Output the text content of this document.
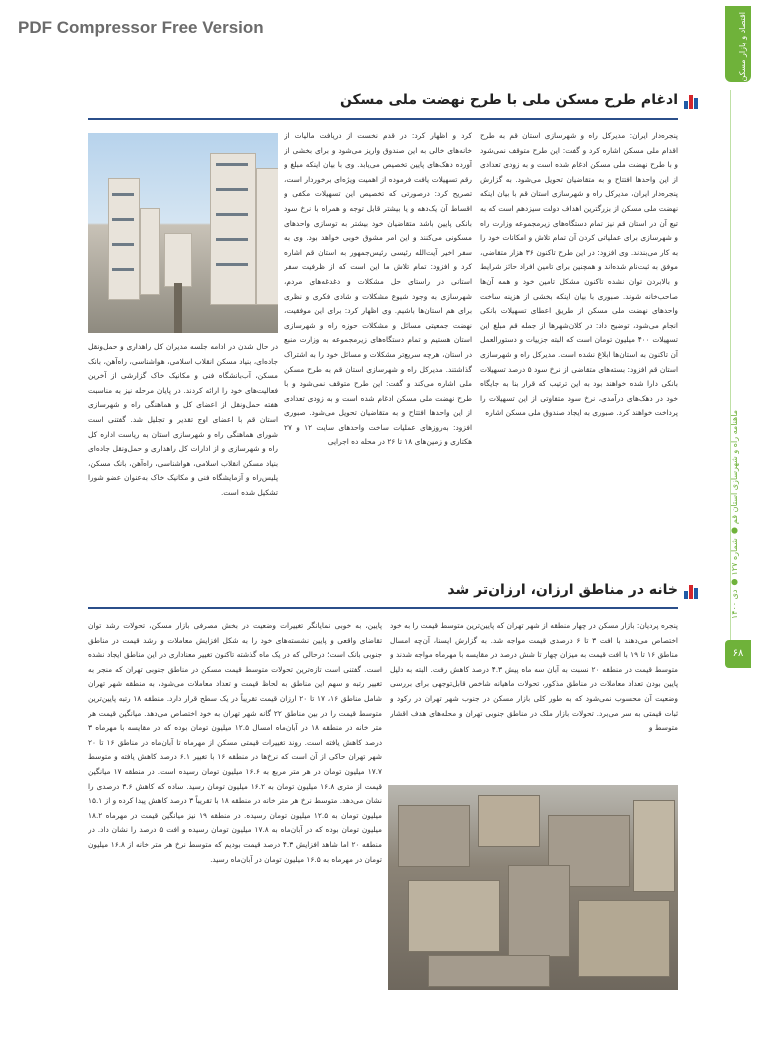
PDF Compressor Free Version	اقتصاد و بازار مسکن
ماهنامه راه و شهرسازی استان قم ● شماره ۱۲۷ ● دی ۱۴۰۰
۶۸
ادغام طرح مسکن ملی با طرح نهضت ملی مسکن

پنجره‌دار ایران: مدیرکل راه و شهرسازی استان قم به طرح اقدام ملی مسکن اشاره کرد و گفت: این طرح متوقف نمی‌شود و با طرح نهضت ملی مسکن ادغام شده است و به زودی تعدادی از این واحدها افتتاح و به متقاضیان تحویل می‌شود. به گزارش پنجره‌دار ایران، مدیرکل راه و شهرسازی استان قم با بیان اینکه نهضت ملی مسکن از بزرگترین اهداف دولت سیزدهم است که به تبع آن در استان قم نیز تمام دستگاه‌های زیرمجموعه وزارت راه و شهرسازی برای عملیاتی کردن آن تمام تلاش و امکانات خود را به کار می‌بندند. وی افزود: در این طرح تاکنون ۳۶ هزار متقاضی، موفق به ثبت‌نام شده‌اند و همچنین برای تامین افراد حائز شرایط و بالابردن توان نشده تاکنون مشکل تامین خود و همه آن‌ها صاحب‌خانه شوند. صبوری با بیان اینکه بخشی از هزینه ساخت واحدهای نهضت ملی مسکن از طریق اعطای تسهیلات بانکی انجام می‌شود، توضیح داد: در کلان‌شهرها از جمله قم مبلغ این تسهیلات ۴۰۰ میلیون تومان است که البته جزییات و دستورالعمل آن تاکنون به استان‌ها ابلاغ نشده است. مدیرکل راه و شهرسازی استان قم افزود: بسته‌های متقاضی از نرخ سود ۵ درصد تسهیلات بانکی دارا شده خواهند بود به این ترتیب که قرار بنا به جایگاه خود در دهک‌های درآمدی، نرخ سود متفاوتی از این تسهیلات را پرداخت خواهند کرد. صبوری به ایجاد صندوق ملی مسکن اشاره

کرد و اظهار کرد: در قدم نخست از دریافت مالیات از خانه‌های خالی به این صندوق واریز می‌شود و برای بخشی از آورده دهک‌های پایین تخصیص می‌یابد. وی با بیان اینکه مبلغ و رقم تسهیلات یافت فرموده از اهمیت ویژه‌ای برخوردار است، تصریح کرد: درصورتی که تخصیص این تسهیلات مکفی و اقساط آن یک‌دهه و یا بیشتر قابل توجه و همراه با نرخ سود بانکی پایین باشد متقاضیان خود بیشتر به توسازی واحدهای مسکونی می‌کنند و این امر مشوق خوبی خواهد بود. وی به سفر اخیر آیت‌الله رئیسی رئیس‌جمهور به استان قم اشاره کرد و افزود: تمام تلاش ما این است که از ظرفیت سفر استانی در راستای حل مشکلات و دغدغه‌های مردم، شهرسازی به وجود شیوع مشکلات و شادی فکری و نظری برای هم استان‌ها باشیم. وی اظهار کرد: برای این موفقیت، نهضت جمعیتی مسائل و مشکلات حوزه راه و شهرسازی استان هستیم و تمام دستگاه‌های زیرمجموعه به وزارت منبع در استان، هرچه سریع‌تر مشکلات و مسائل خود را به اشتراک گذاشتند. مدیرکل راه و شهرسازی استان قم به طرح مسکن ملی اشاره می‌کند و گفت: این طرح متوقف نمی‌شود و با طرح نهضت ملی مسکن ادغام شده است و به زودی تعدادی از این واحدها افتتاح و به متقاضیان تحویل می‌شود. صبوری افزود: به‌روزهای عملیات ساخت واحدهای سایت ۱۲ و ۲۷ هکتاری و زمین‌های ۱۸ تا ۲۶ در محله ده اجرایی

در حال شدن در ادامه جلسه مدیران کل راهداری و حمل‌ونقل جاده‌ای، بنیاد مسکن انقلاب اسلامی، هواشناسی، راه‌آهن، بانک مسکن، آب‌بانشگاه فنی و مکانیک خاک گزارشی از آخرین فعالیت‌های خود را ارائه کردند. در پایان مرحله نیز به مناسبت هفته حمل‌ونقل از اعضای کل و هماهنگی راه و شهرسازی استان قم با اعضای اوج تقدیر و تجلیل شد. گفتنی است شورای هماهنگی راه و شهرسازی استان به ریاست اداره کل راه و شهرسازی و از ادارات کل راهداری و حمل‌ونقل جاده‌ای بنیاد مسکن انقلاب اسلامی، هواشناسی، راه‌آهن، بانک مسکن، پلیس‌راه و آزمایشگاه فنی و مکانیک خاک به‌عنوان عضو شورا تشکیل شده است.

خانه در مناطق ارزان، ارزان‌تر شد

پنجره پردیان: بازار مسکن در چهار منطقه از شهر تهران که پایین‌ترین متوسط قیمت را به خود اختصاص می‌دهند با افت ۳ تا ۶ درصدی قیمت مواجه شد. به گزارش ایسنا، آن‌چه امسال مناطق ۱۶ تا ۱۹ با افت قیمت به میزان چهار تا شش درصد در مقایسه با مهرماه مواجه شدند و متوسط قیمت در منطقه ۲۰ نسبت به آبان سه ماه پیش ۴.۳ درصد کاهش رفت. البته به دلیل پایین بودن تعداد معاملات در مناطق مذکور، تحولات ماهیانه شاخص قابل‌توجهی برای بررسی وضعیت آن محسوب نمی‌شود که به طور کلی بازار مسکن در جنوب شهر تهران در رکود و ثبات قیمتی به سر می‌برد. تحولات بازار ملک در مناطق جنوبی تهران و محله‌های هدف اقشار متوسط و

پایین، به خوبی نمایانگر تغییرات وضعیت در بخش مصرفی بازار مسکن، تحولات رشد توان تقاضای واقعی و پایین نشسته‌های خود را به شکل افزایش معاملات و رشد قیمت در مناطق جنوبی بانک است؛ درحالی که در یک ماه گذشته تاکنون تغییر معناداری در این مناطق ایجاد نشده است. گفتنی است تازه‌ترین تحولات متوسط قیمت مسکن در مناطق جنوبی تهران که منجر به تغییر رتبه و سهم این مناطق به لحاظ قیمت و تعداد معاملات می‌شود، به منطقه شهر تهران شامل مناطق ۱۶، ۱۷ تا ۲۰ ارزان قیمت تقریباً در یک سطح قرار دارد. منطقه ۱۸ رتبه پایین‌ترین متوسط قیمت را در بین مناطق ۲۲ گانه شهر تهران به خود اختصاص می‌دهد. میانگین قیمت هر متر خانه در منطقه ۱۸ در آبان‌ماه امسال ۱۲.۵ میلیون تومان بوده که در مقایسه با مهرماه ۳ درصد کاهش یافته است. روند تغییرات قیمتی مسکن از مهرماه تا آبان‌ماه در مناطق ۱۶ تا ۲۰ شهر تهران حاکی از آن است که نرخ‌ها در منطقه ۱۶ با تغییر ۶.۱ درصد کاهش یافته و متوسط ۱۷.۷ میلیون تومان در هر متر مربع به ۱۶.۶ میلیون تومان رسیده است. در منطقه ۱۷ میانگین قیمت از متری ۱۶.۸ میلیون تومان به ۱۶.۲ میلیون تومان رسید. ساده که کاهش ۳.۶ درصدی را نشان می‌دهد. متوسط نرخ هر متر خانه در منطقه ۱۸ با تقریباً ۳ درصد کاهش پیدا کرده و از ۱۵.۱ میلیون تومان به ۱۲.۵ میلیون تومان رسیده. در منطقه ۱۹ نیز میانگین قیمت در مهرماه ۱۸.۲ میلیون تومان بوده که در آبان‌ماه به ۱۷.۸ میلیون تومان رسیده و افت ۵ درصد را نشان داد. در منطقه ۲۰ اما شاهد افزایش ۴.۳ درصد قیمت بودیم که متوسط نرخ هر متر خانه از ۱۶.۸ میلیون تومان در مهرماه به ۱۶.۵ میلیون تومان در آبان‌ماه رسید.
